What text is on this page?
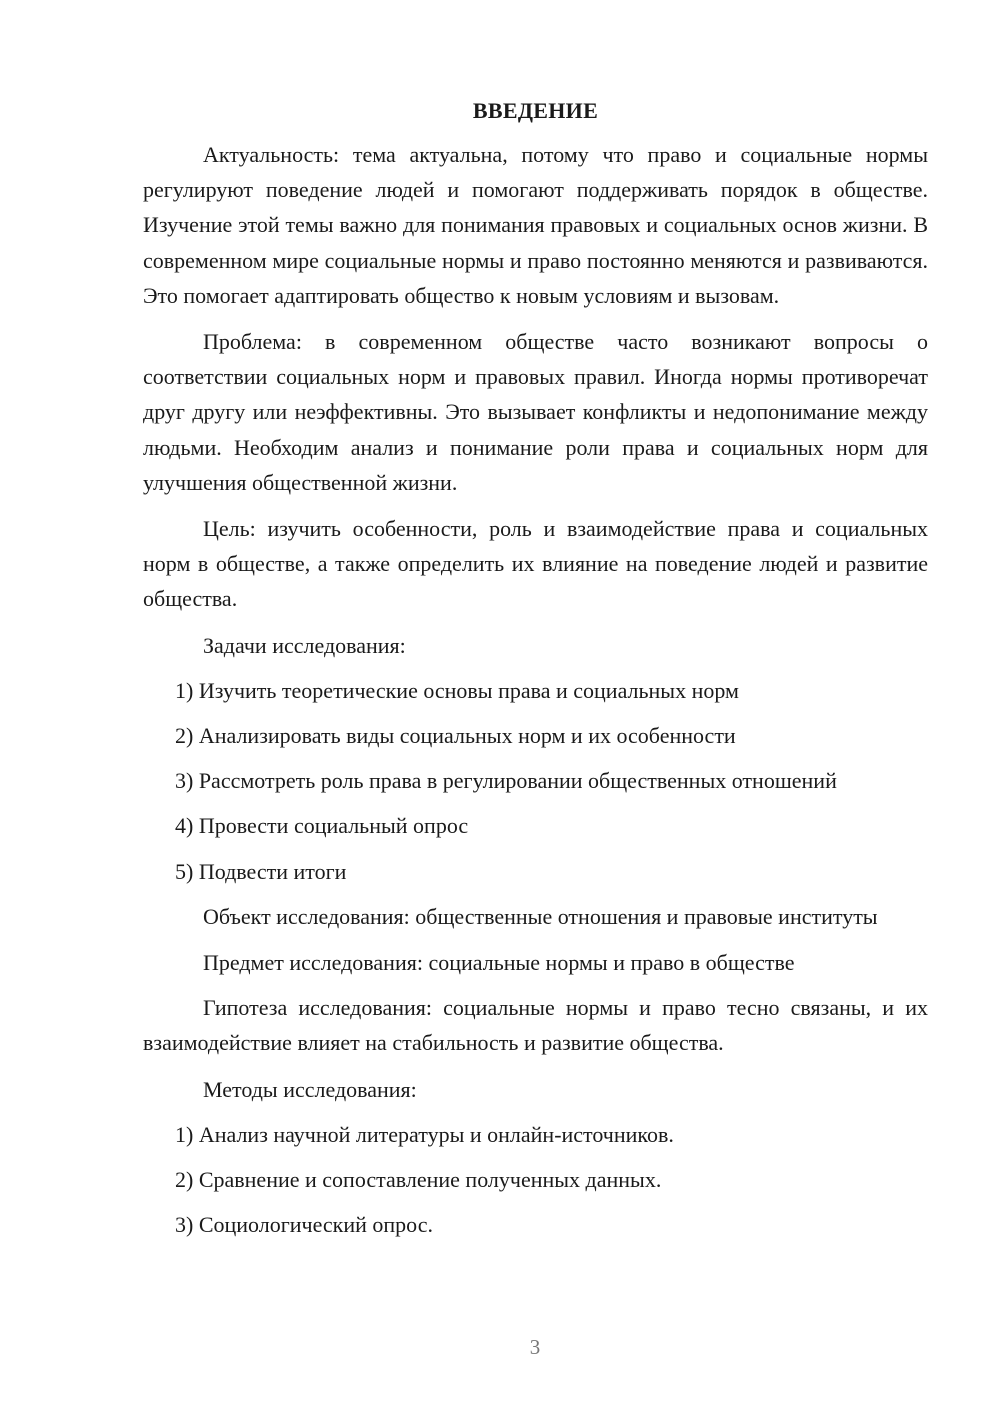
ВВЕДЕНИЕ

Актуальность: тема актуальна, потому что право и социальные нормы регулируют поведение людей и помогают поддерживать порядок в обществе. Изучение этой темы важно для понимания правовых и социальных основ жизни. В современном мире социальные нормы и право постоянно меняются и развиваются. Это помогает адаптировать общество к новым условиям и вызовам.

Проблема: в современном обществе часто возникают вопросы о соответствии социальных норм и правовых правил. Иногда нормы противоречат друг другу или неэффективны. Это вызывает конфликты и недопонимание между людьми. Необходим анализ и понимание роли права и социальных норм для улучшения общественной жизни.

Цель: изучить особенности, роль и взаимодействие права и социальных норм в обществе, а также определить их влияние на поведение людей и развитие общества.

Задачи исследования:

1) Изучить теоретические основы права и социальных норм
2) Анализировать виды социальных норм и их особенности
3) Рассмотреть роль права в регулировании общественных отношений
4) Провести социальный опрос
5) Подвести итоги

Объект исследования: общественные отношения и правовые институты

Предмет исследования: социальные нормы и право в обществе

Гипотеза исследования: социальные нормы и право тесно связаны, и их взаимодействие влияет на стабильность и развитие общества.

Методы исследования:

1) Анализ научной литературы и онлайн-источников.
2) Сравнение и сопоставление полученных данных.
3) Социологический опрос.
3
